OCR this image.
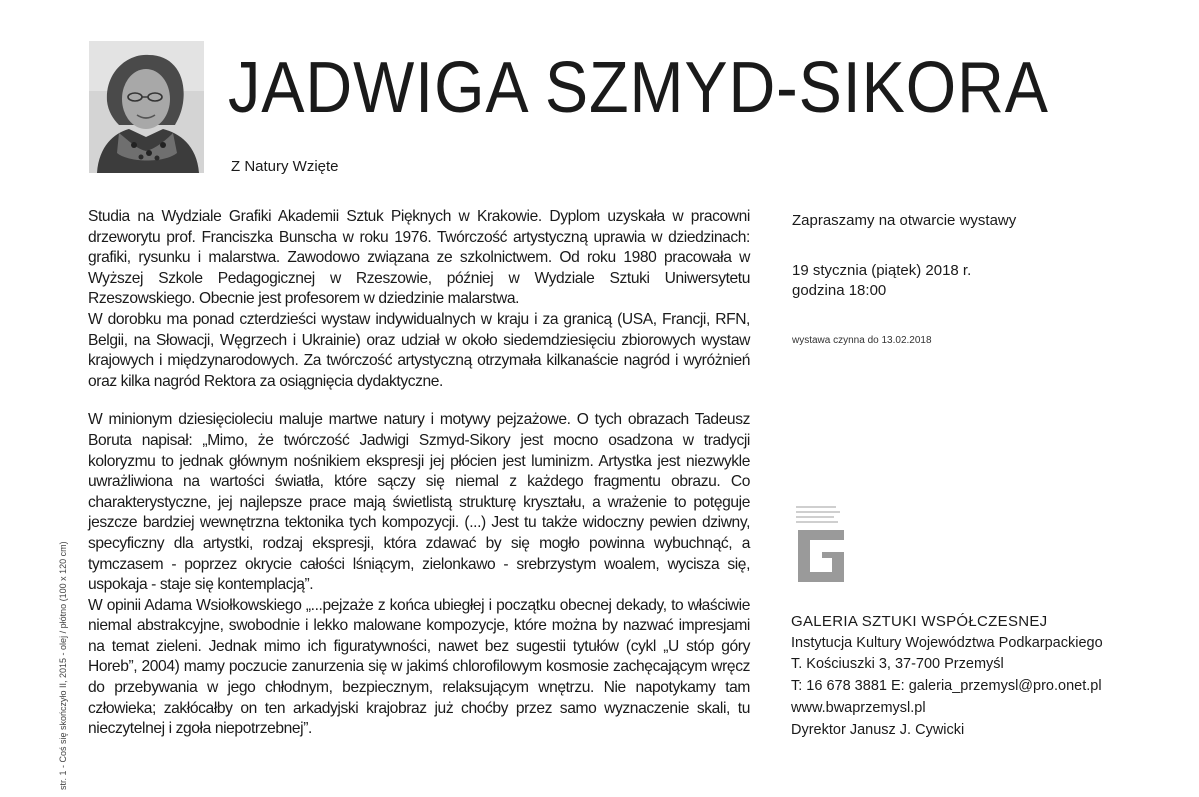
JADWIGA SZMYD-SIKORA
Z Natury Wzięte

Studia na Wydziale Grafiki Akademii Sztuk Pięknych w Krakowie. Dyplom uzyskała w pracowni drzeworytu prof. Franciszka Bunscha w roku 1976. Twórczość artystyczną uprawia w dziedzinach: grafiki, rysunku i malarstwa. Zawodowo związana ze szkolnictwem. Od roku 1980 pracowała w Wyższej Szkole Pedagogicznej w Rzeszowie, później w Wydziale Sztuki Uniwersytetu Rzeszowskiego. Obecnie jest profesorem w dziedzinie malarstwa.

W dorobku ma ponad czterdzieści wystaw indywidualnych w kraju i za granicą (USA, Francji, RFN, Belgii, na Słowacji, Węgrzech i Ukrainie) oraz udział w około siedemdziesięciu zbiorowych wystaw krajowych i międzynarodowych. Za twórczość artystyczną otrzymała kilkanaście nagród i wyróżnień oraz kilka nagród Rektora za osiągnięcia dydaktyczne.

W minionym dziesięcioleciu maluje martwe natury i motywy pejzażowe. O tych obrazach Tadeusz Boruta napisał: „Mimo, że twórczość Jadwigi Szmyd-Sikory jest mocno osadzona w tradycji koloryzmu to jednak głównym nośnikiem ekspresji jej płócien jest luminizm. Artystka jest niezwykle uwrażliwiona na wartości światła, które sączy się niemal z każdego fragmentu obrazu. Co charakterystyczne, jej najlepsze prace mają świetlistą strukturę kryształu, a wrażenie to potęguje jeszcze bardziej wewnętrzna tektonika tych kompozycji. (...) Jest tu także widoczny pewien dziwny, specyficzny dla artystki, rodzaj ekspresji, która zdawać by się mogło powinna wybuchnąć, a tymczasem - poprzez okrycie całości lśniącym, zielonkawo - srebrzystym woalem, wycisza się, uspokaja - staje się kontemplacją”.

W opinii Adama Wsiołkowskiego „...pejzaże z końca ubiegłej i początku obecnej dekady, to właściwie niemal abstrakcyjne, swobodnie i lekko malowane kompozycje, które można by nazwać impresjami na temat zieleni. Jednak mimo ich figuratywności, nawet bez sugestii tytułów (cykl „U stóp góry Horeb”, 2004) mamy poczucie zanurzenia się w jakimś chlorofilowym kosmosie zachęcającym wręcz do przebywania w jego chłodnym, bezpiecznym, relaksującym wnętrzu. Nie napotykamy tam człowieka; zakłócałby on ten arkadyjski krajobraz już choćby przez samo wyznaczenie skali, tu nieczytelnej i zgoła niepotrzebnej”.

str. 1 - Coś się skończyło II, 2015 - olej / płótno (100 x 120 cm)
Zapraszamy na otwarcie wystawy
19 stycznia (piątek) 2018 r.
godzina 18:00
wystawa czynna do 13.02.2018
GALERIA SZTUKI WSPÓŁCZESNEJ
Instytucja Kultury Województwa Podkarpackiego
T. Kościuszki 3, 37-700 Przemyśl
T: 16 678 3881 E: galeria_przemysl@pro.onet.pl
www.bwaprzemysl.pl
Dyrektor Janusz J. Cywicki
